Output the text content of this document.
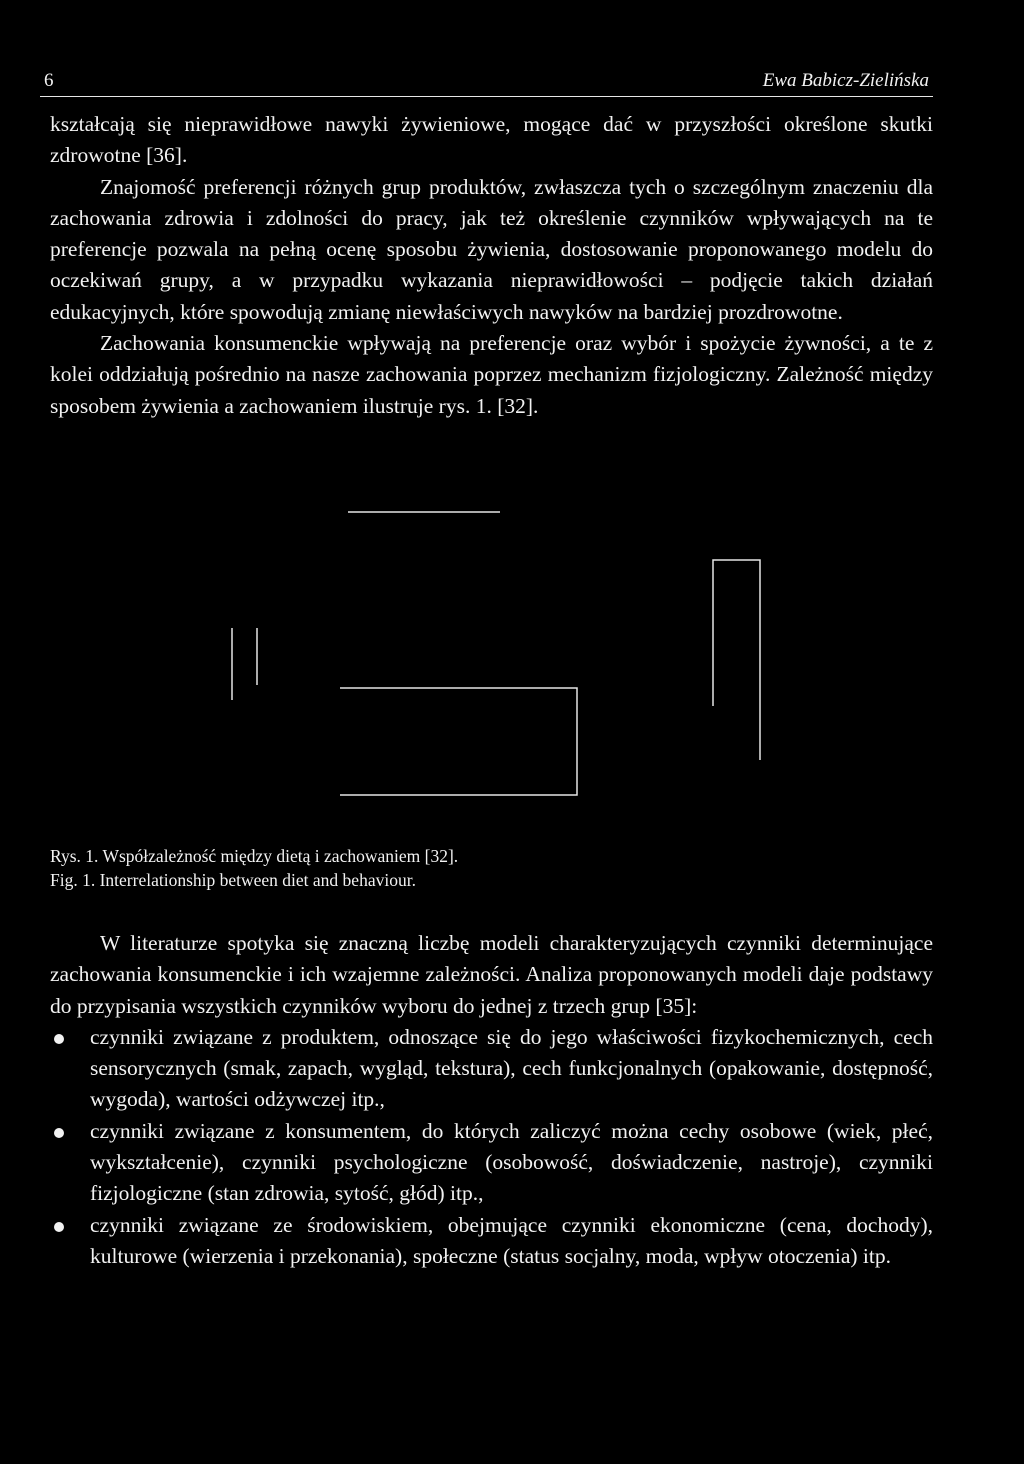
6	Ewa Babicz-Zielińska

kształcają się nieprawidłowe nawyki żywieniowe, mogące dać w przyszłości określone skutki zdrowotne [36].

Znajomość preferencji różnych grup produktów, zwłaszcza tych o szczególnym znaczeniu dla zachowania zdrowia i zdolności do pracy, jak też określenie czynników wpływających na te preferencje pozwala na pełną ocenę sposobu żywienia, dostosowanie proponowanego modelu do oczekiwań grupy, a w przypadku wykazania nieprawidłowości – podjęcie takich działań edukacyjnych, które spowodują zmianę niewłaściwych nawyków na bardziej prozdrowotne.

Zachowania konsumenckie wpływają na preferencje oraz wybór i spożycie żywności, a te z kolei oddziałują pośrednio na nasze zachowania poprzez mechanizm fizjologiczny. Zależność między sposobem żywienia a zachowaniem ilustruje rys. 1. [32].

Rys. 1. Współzależność między dietą i zachowaniem [32].
Fig. 1. Interrelationship between diet and behaviour.

W literaturze spotyka się znaczną liczbę modeli charakteryzujących czynniki determinujące zachowania konsumenckie i ich wzajemne zależności. Analiza proponowanych modeli daje podstawy do przypisania wszystkich czynników wyboru do jednej z trzech grup [35]:

czynniki związane z produktem, odnoszące się do jego właściwości fizykochemicznych, cech sensorycznych (smak, zapach, wygląd, tekstura), cech funkcjonalnych (opakowanie, dostępność, wygoda), wartości odżywczej itp.,
czynniki związane z konsumentem, do których zaliczyć można cechy osobowe (wiek, płeć, wykształcenie), czynniki psychologiczne (osobowość, doświadczenie, nastroje), czynniki fizjologiczne (stan zdrowia, sytość, głód) itp.,
czynniki związane ze środowiskiem, obejmujące czynniki ekonomiczne (cena, dochody), kulturowe (wierzenia i przekonania), społeczne (status socjalny, moda, wpływ otoczenia) itp.
